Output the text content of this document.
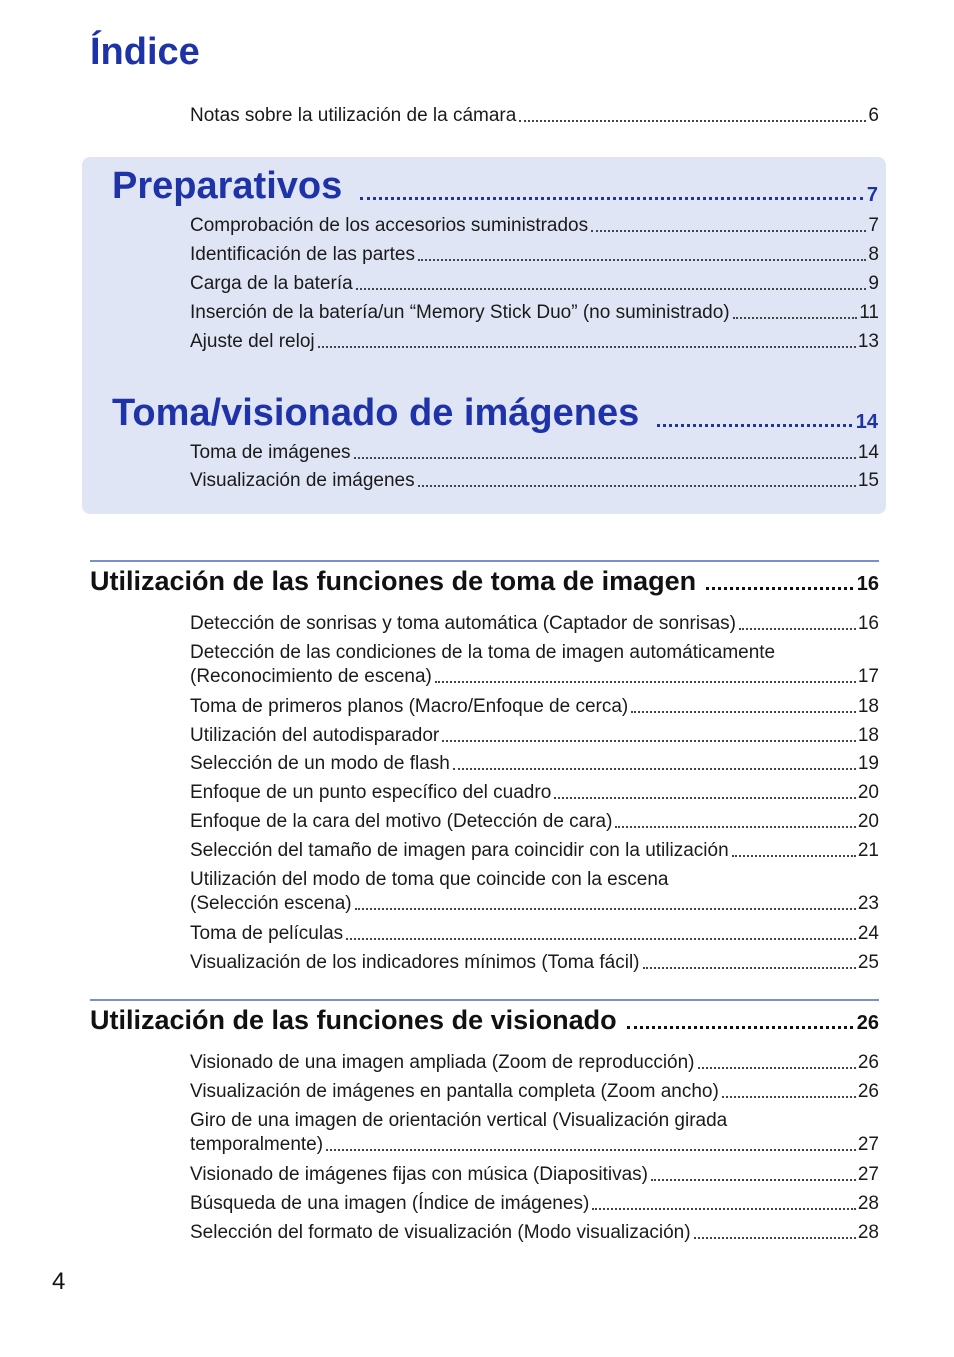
Índice
Notas sobre la utilización de la cámara	6
Preparativos	7
Comprobación de los accesorios suministrados	7
Identificación de las partes	8
Carga de la batería	9
Inserción de la batería/un “Memory Stick Duo” (no suministrado)	11
Ajuste del reloj	13
Toma/visionado de imágenes	14
Toma de imágenes	14
Visualización de imágenes	15
Utilización de las funciones de toma de imagen	16
Detección de sonrisas y toma automática (Captador de sonrisas)	16
Detección de las condiciones de la toma de imagen automáticamente
(Reconocimiento de escena)	17
Toma de primeros planos (Macro/Enfoque de cerca)	18
Utilización del autodisparador	18
Selección de un modo de flash	19
Enfoque de un punto específico del cuadro	20
Enfoque de la cara del motivo (Detección de cara)	20
Selección del tamaño de imagen para coincidir con la utilización	21
Utilización del modo de toma que coincide con la escena
(Selección escena)	23
Toma de películas	24
Visualización de los indicadores mínimos (Toma fácil)	25
Utilización de las funciones de visionado	26
Visionado de una imagen ampliada (Zoom de reproducción)	26
Visualización de imágenes en pantalla completa (Zoom ancho)	26
Giro de una imagen de orientación vertical (Visualización girada
temporalmente)	27
Visionado de imágenes fijas con música (Diapositivas)	27
Búsqueda de una imagen (Índice de imágenes)	28
Selección del formato de visualización (Modo visualización)	28
4
